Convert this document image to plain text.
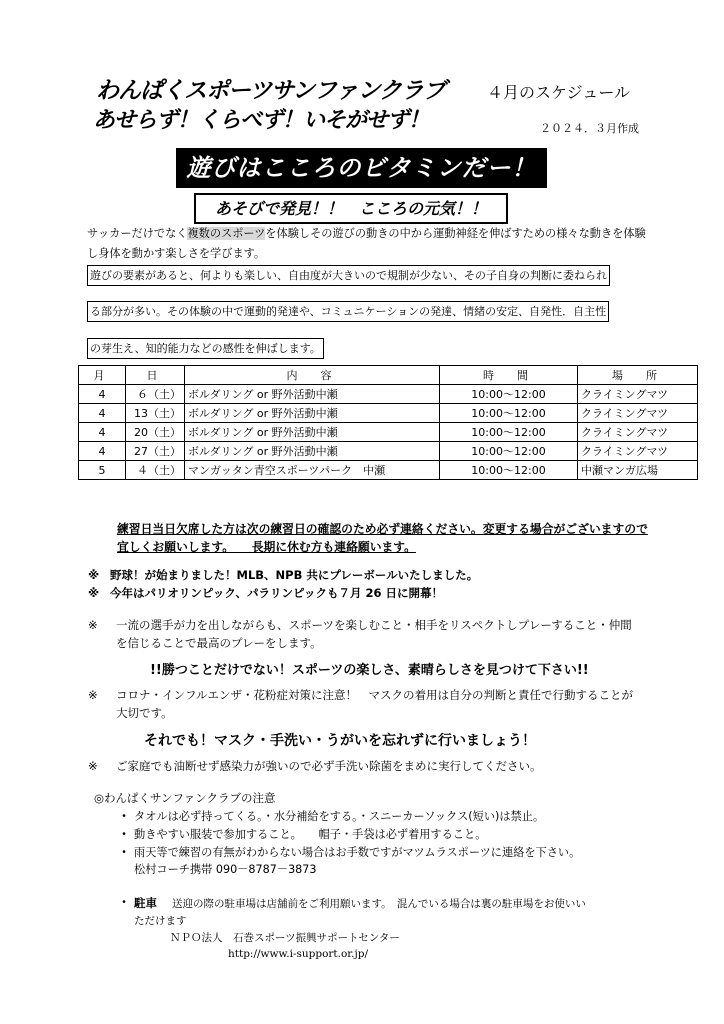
わんぱくスポーツサンファンクラブ	４月のスケジュール
あせらず！くらべず！いそがせず！	２０２４．３月作成
遊びはこころのビタミンだー！
あそびで発見！！　こころの元気！！
サッカーだけでなく複数のスポーツを体験しその遊びの動きの中から運動神経を伸ばすための様々な動きを体験し身体を動かす楽しさを学びます。
遊びの要素があると、何よりも楽しい、自由度が大きいので規制が少ない、その子自身の判断に委ねられ
る部分が多い。その体験の中で運動的発達や、コミュニケーションの発達、情緒の安定、自発性．自主性
の芽生え、知的能力などの感性を伸ばします。
月	日	内　容	時　間	場　所
4	６（土）	ボルダリング or 野外活動中瀬	10:00～12:00	クライミングマツ
4	13（土）	ボルダリング or 野外活動中瀬	10:00～12:00	クライミングマツ
4	20（土）	ボルダリング or 野外活動中瀬	10:00～12:00	クライミングマツ
4	27（土）	ボルダリング or 野外活動中瀬	10:00～12:00	クライミングマツ
5	４（土）	マンガッタン青空スポーツパーク　中瀬	10:00～12:00	中瀬マンガ広場
練習日当日欠席した方は次の練習日の確認のため必ず連絡ください。変更する場合がございますので
宜しくお願いします。　　長期に休む方も連絡願います。
※ 野球！が始まりました！MLB、NPB 共にプレーボールいたしました。
※ 今年はパリオリンピック、パラリンピックも７月 26 日に開幕！
※ 一流の選手が力を出しながらも、スポーツを楽しむこと・相手をリスペクトしプレーすること・仲間
を信じることで最高のプレーをします。
!!勝つことだけでない！スポーツの楽しさ、素晴らしさを見つけて下さい!!
※ コロナ・インフルエンザ・花粉症対策に注意！　マスクの着用は自分の判断と責任で行動することが
大切です。
それでも！マスク・手洗い・うがいを忘れずに行いましょう！
※ ご家庭でも油断せず感染力が強いので必ず手洗い除菌をまめに実行してください。
◎わんぱくサンファンクラブの注意
・ タオルは必ず持ってくる。・水分補給をする。・スニーカーソックス(短い)は禁止。
・ 動きやすい服装で参加すること。　　帽子・手袋は必ず着用すること。
・ 雨天等で練習の有無がわからない場合はお手数ですがマツムラスポーツに連絡を下さい。
松村コーチ携帯 090－8787－3873
・ 駐車 送迎の際の駐車場は店舗前をご利用願います。　混んでいる場合は裏の駐車場をお使いい
ただけます
ＮＰＯ法人　石巻スポーツ振興サポートセンター
http://www.i-support.or.jp/
